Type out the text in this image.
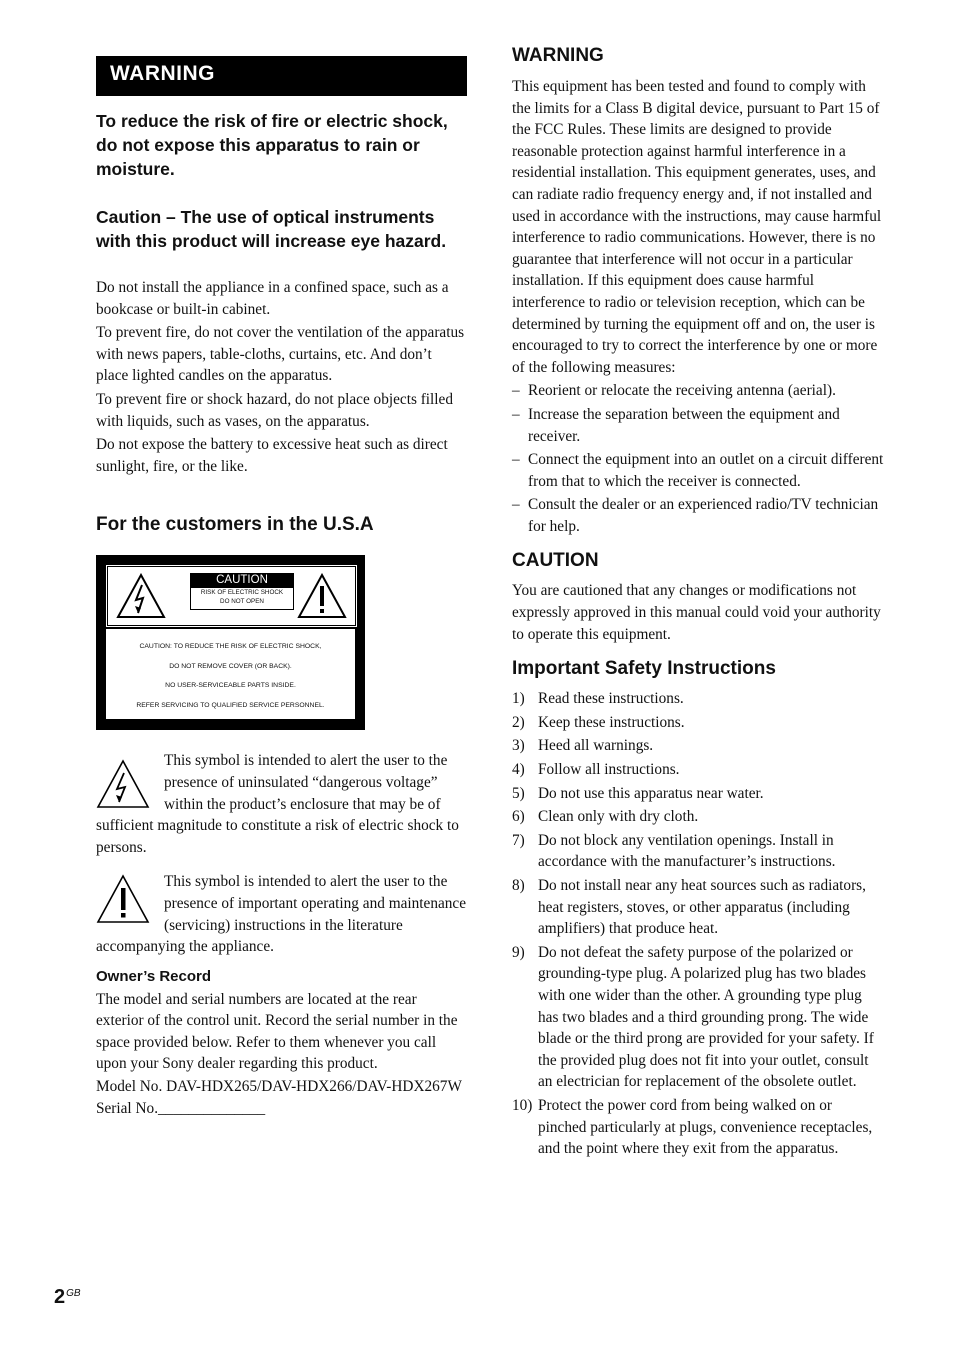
WARNING

To reduce the risk of fire or electric shock, do not expose this apparatus to rain or moisture.

Caution – The use of optical instruments with this product will increase eye hazard.

Do not install the appliance in a confined space, such as a bookcase or built-in cabinet.

To prevent fire, do not cover the ventilation of the apparatus with news papers, table-cloths, curtains, etc. And don’t place lighted candles on the apparatus.

To prevent fire or shock hazard, do not place objects filled with liquids, such as vases, on the apparatus.

Do not expose the battery to excessive heat such as direct sunlight, fire, or the like.

For the customers in the U.S.A

CAUTION
RISK OF ELECTRIC SHOCK
DO NOT OPEN
CAUTION: TO REDUCE THE RISK OF ELECTRIC SHOCK,
DO NOT REMOVE COVER (OR BACK).
NO USER-SERVICEABLE PARTS INSIDE.
REFER SERVICING TO QUALIFIED SERVICE PERSONNEL.

This symbol is intended to alert the user to the presence of uninsulated “dangerous voltage” within the product’s enclosure that may be of sufficient magnitude to constitute a risk of electric shock to persons.

This symbol is intended to alert the user to the presence of important operating and maintenance (servicing) instructions in the literature accompanying the appliance.

Owner’s Record

The model and serial numbers are located at the rear exterior of the control unit. Record the serial number in the space provided below. Refer to them whenever you call upon your Sony dealer regarding this product.

Model No. DAV-HDX265/DAV-HDX266/DAV-HDX267W

Serial No.______________

WARNING

This equipment has been tested and found to comply with the limits for a Class B digital device, pursuant to Part 15 of the FCC Rules. These limits are designed to provide reasonable protection against harmful interference in a residential installation. This equipment generates, uses, and can radiate radio frequency energy and, if not installed and used in accordance with the instructions, may cause harmful interference to radio communications. However, there is no guarantee that interference will not occur in a particular installation. If this equipment does cause harmful interference to radio or television reception, which can be determined by turning the equipment off and on, the user is encouraged to try to correct the interference by one or more of the following measures:

– Reorient or relocate the receiving antenna (aerial).

– Increase the separation between the equipment and receiver.

– Connect the equipment into an outlet on a circuit different from that to which the receiver is connected.

– Consult the dealer or an experienced radio/TV technician for help.

CAUTION

You are cautioned that any changes or modifications not expressly approved in this manual could void your authority to operate this equipment.

Important Safety Instructions

1) Read these instructions.

2) Keep these instructions.

3) Heed all warnings.

4) Follow all instructions.

5) Do not use this apparatus near water.

6) Clean only with dry cloth.

7) Do not block any ventilation openings. Install in accordance with the manufacturer’s instructions.

8) Do not install near any heat sources such as radiators, heat registers, stoves, or other apparatus (including amplifiers) that produce heat.

9) Do not defeat the safety purpose of the polarized or grounding-type plug. A polarized plug has two blades with one wider than the other. A grounding type plug has two blades and a third grounding prong. The wide blade or the third prong are provided for your safety. If the provided plug does not fit into your outlet, consult an electrician for replacement of the obsolete outlet.

10) Protect the power cord from being walked on or pinched particularly at plugs, convenience receptacles, and the point where they exit from the apparatus.

$2^{GB}$
